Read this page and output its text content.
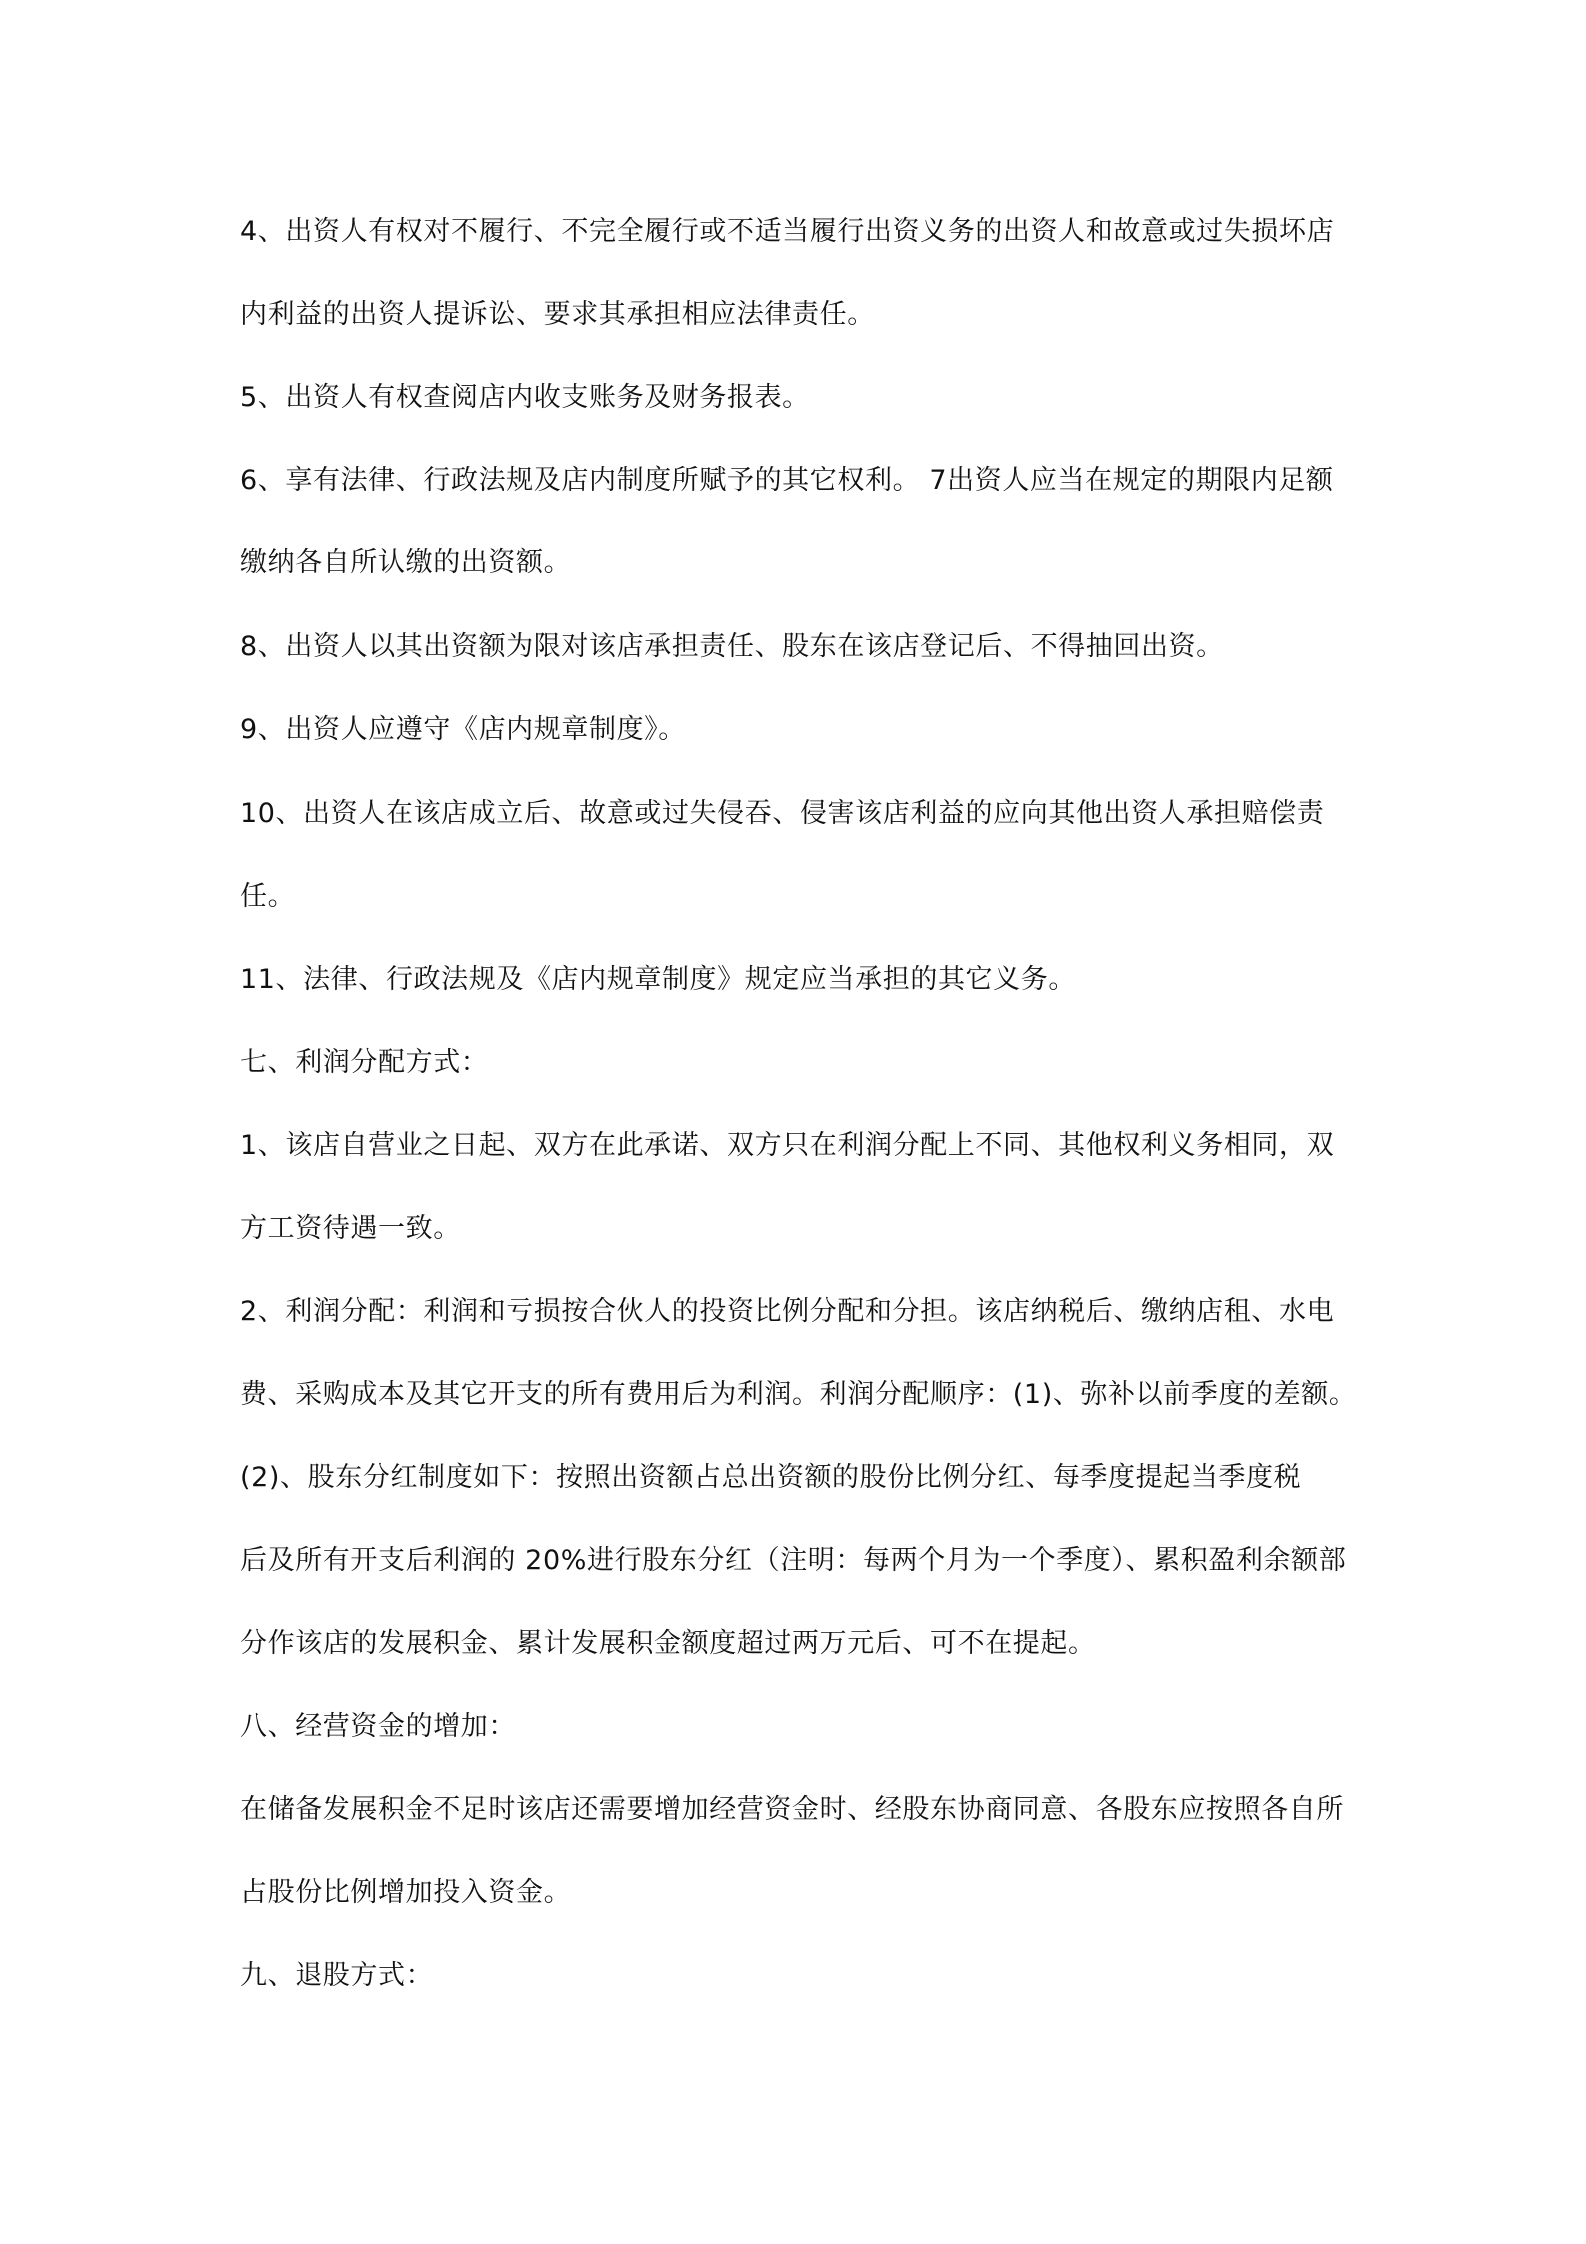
4、出资人有权对不履行、不完全履行或不适当履行出资义务的出资人和故意或过失损坏店
内利益的出资人提诉讼、要求其承担相应法律责任。
5、出资人有权查阅店内收支账务及财务报表。
6、享有法律、行政法规及店内制度所赋予的其它权利。 7出资人应当在规定的期限内足额
缴纳各自所认缴的出资额。
8、出资人以其出资额为限对该店承担责任、股东在该店登记后、不得抽回出资。
9、出资人应遵守《店内规章制度》。
10、出资人在该店成立后、故意或过失侵吞、侵害该店利益的应向其他出资人承担赔偿责
任。
11、法律、行政法规及《店内规章制度》规定应当承担的其它义务。
七、利润分配方式：
1、该店自营业之日起、双方在此承诺、双方只在利润分配上不同、其他权利义务相同，双
方工资待遇一致。
2、利润分配：利润和亏损按合伙人的投资比例分配和分担。该店纳税后、缴纳店租、水电
费、采购成本及其它开支的所有费用后为利润。利润分配顺序：(1)、弥补以前季度的差额。
(2)、股东分红制度如下：按照出资额占总出资额的股份比例分红、每季度提起当季度税
后及所有开支后利润的 20%进行股东分红（注明：每两个月为一个季度）、累积盈利余额部
分作该店的发展积金、累计发展积金额度超过两万元后、可不在提起。
八、经营资金的增加：
在储备发展积金不足时该店还需要增加经营资金时、经股东协商同意、各股东应按照各自所
占股份比例增加投入资金。
九、退股方式：
